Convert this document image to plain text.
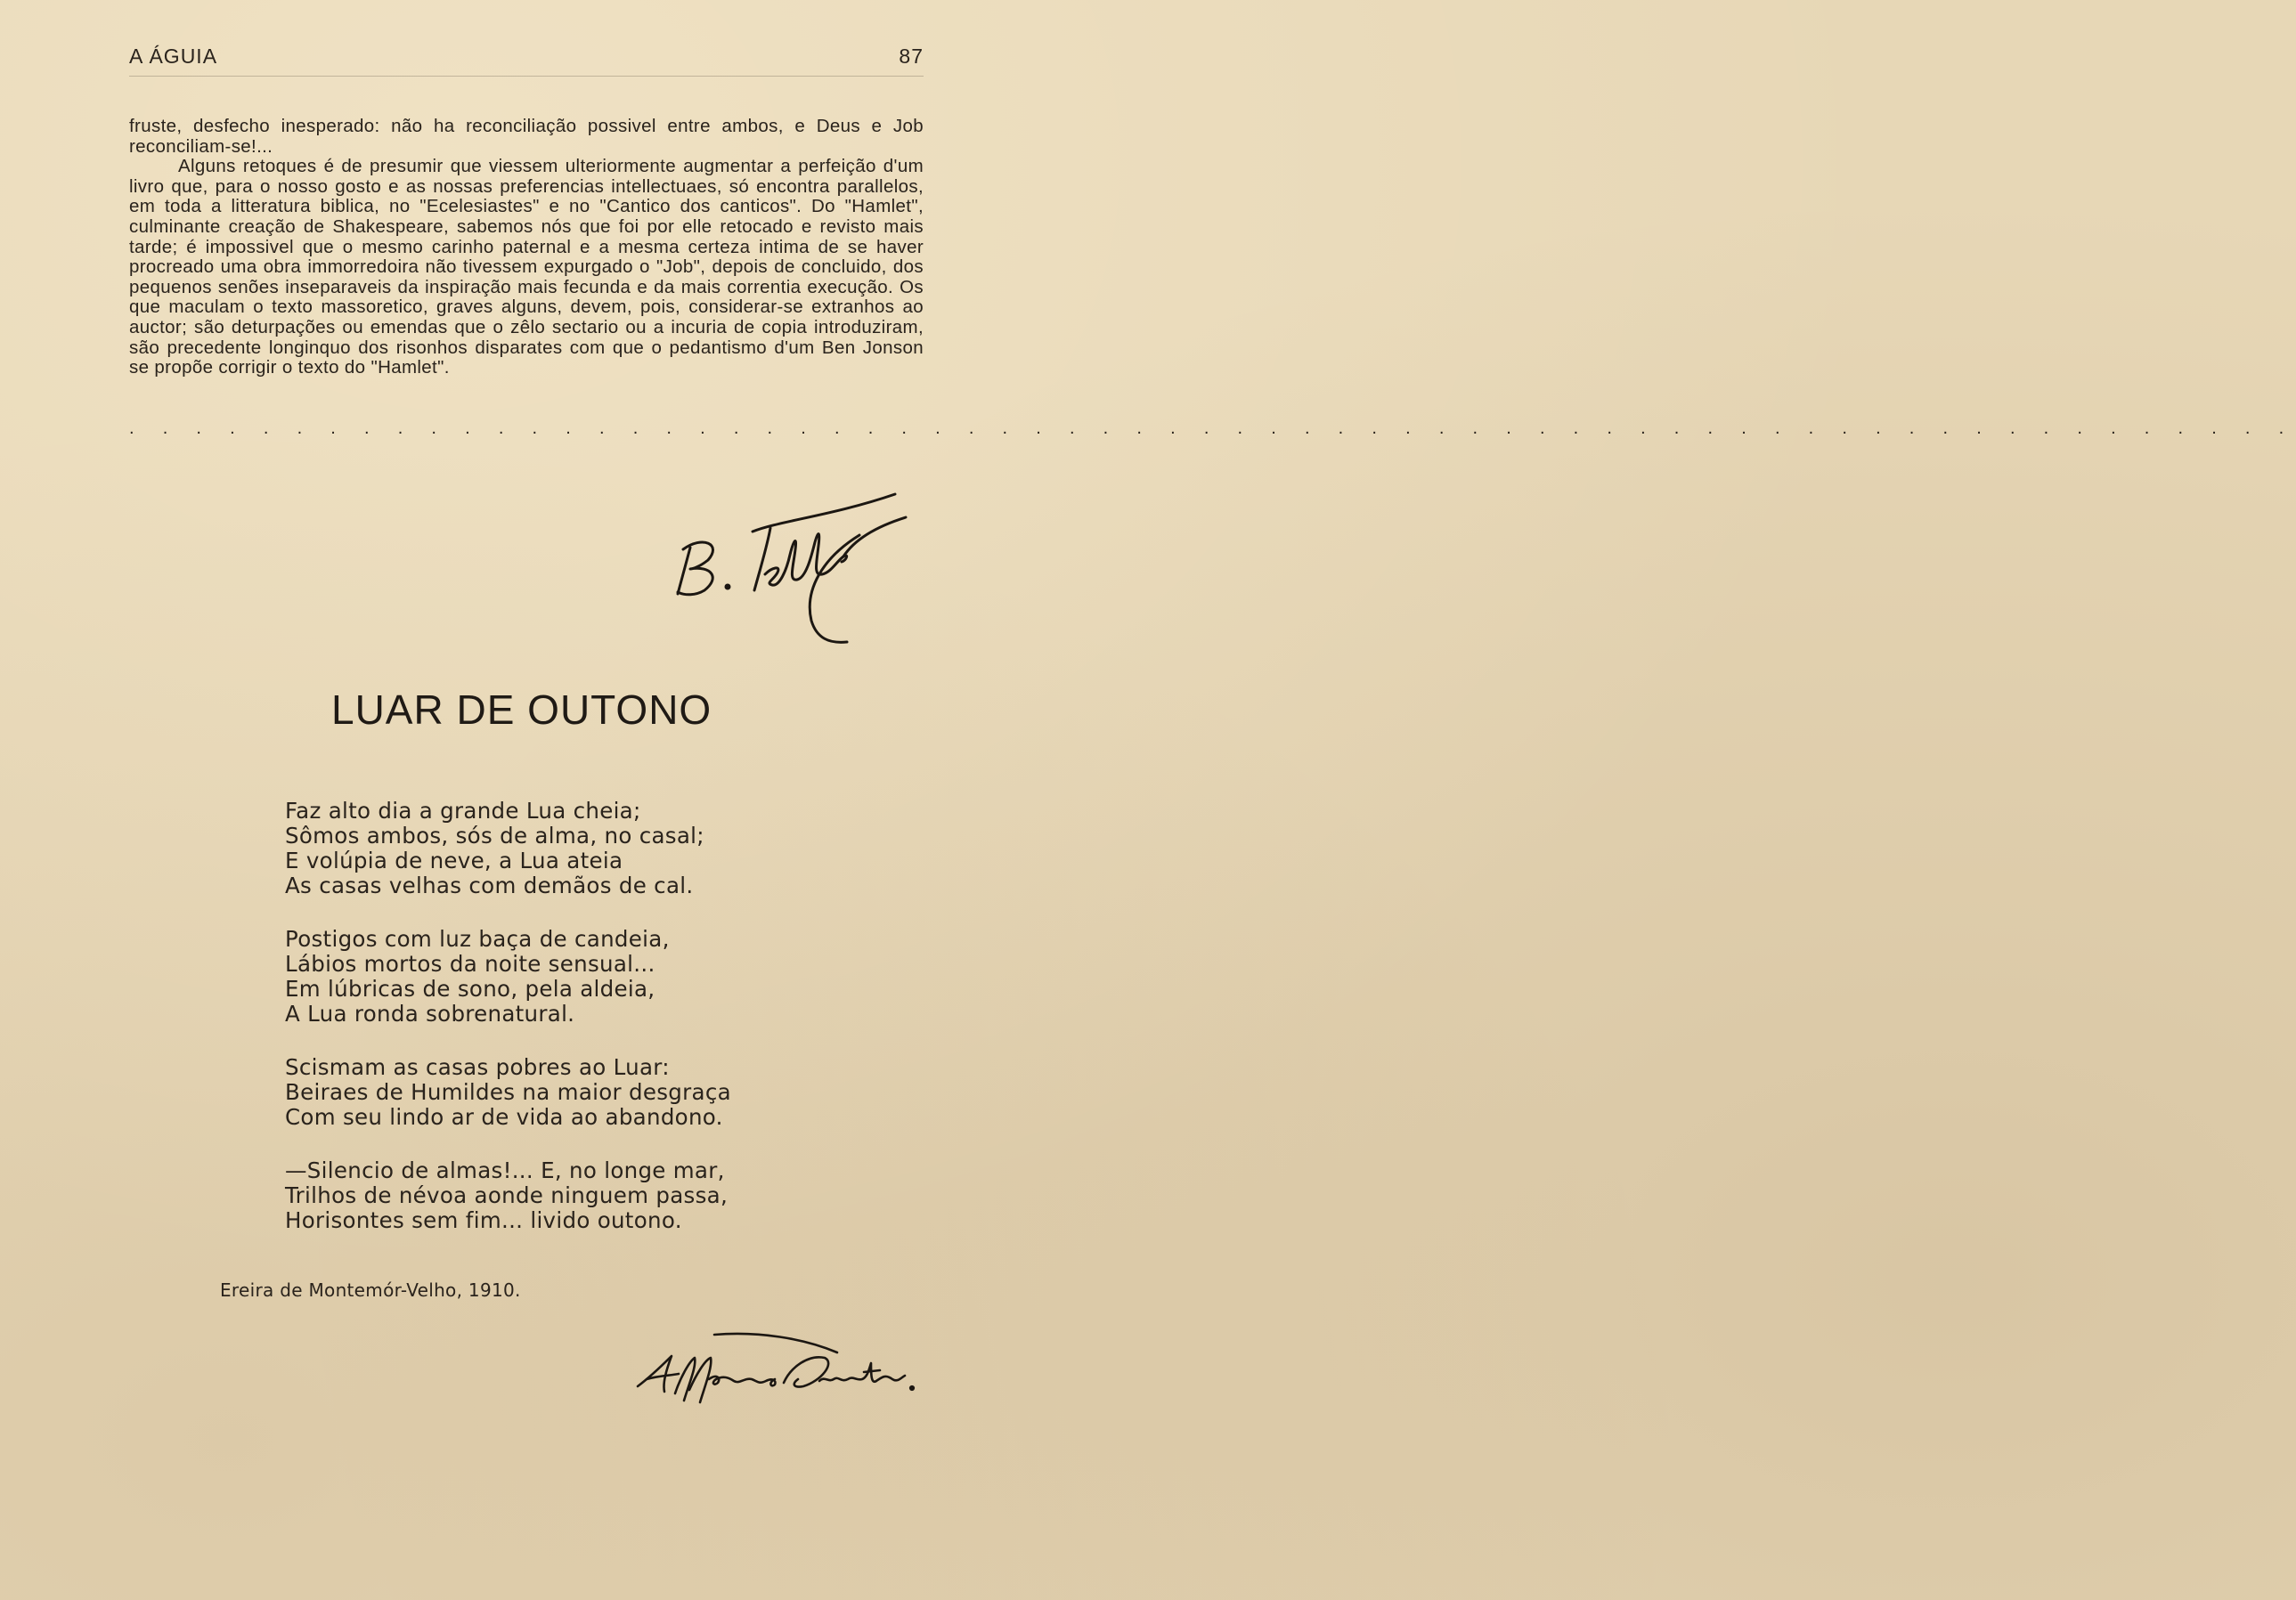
A ÁGUIA	87

fruste, desfecho inesperado: não ha reconciliação possivel entre ambos, e Deus e Job reconciliam-se!...

Alguns retoques é de presumir que viessem ulteriormente augmentar a perfeição d'um livro que, para o nosso gosto e as nossas preferencias intellectuaes, só encontra parallelos, em toda a litteratura biblica, no "Ecelesiastes" e no "Cantico dos canticos". Do "Hamlet", culminante creação de Shakespeare, sabemos nós que foi por elle retocado e revisto mais tarde; é impossivel que o mesmo carinho paternal e a mesma certeza intima de se haver procreado uma obra immorredoira não tivessem expurgado o "Job", depois de concluido, dos pequenos senões inseparaveis da inspiração mais fecunda e da mais correntia execução. Os que maculam o texto massoretico, graves alguns, devem, pois, considerar-se extranhos ao auctor; são deturpações ou emendas que o zêlo sectario ou a incuria de copia introduziram, são precedente longinquo dos risonhos disparates com que o pedantismo d'um Ben Jonson se propõe corrigir o texto do "Hamlet".

. . . . . . . . . . . . . . . . . . . . . . . . . . . . . . . . . . . . . . . . . . . . . . . . . . . . . . . . . . . . . . . . .
LUAR DE OUTONO
Faz alto dia a grande Lua cheia;
Sômos ambos, sós de alma, no casal;
E volúpia de neve, a Lua ateia
As casas velhas com demãos de cal.
Postigos com luz baça de candeia,
Lábios mortos da noite sensual...
Em lúbricas de sono, pela aldeia,
A Lua ronda sobrenatural.
Scismam as casas pobres ao Luar:
Beiraes de Humildes na maior desgraça
Com seu lindo ar de vida ao abandono.
—Silencio de almas!... E, no longe mar,
Trilhos de névoa aonde ninguem passa,
Horisontes sem fim... livido outono.
Ereira de Montemór-Velho, 1910.
